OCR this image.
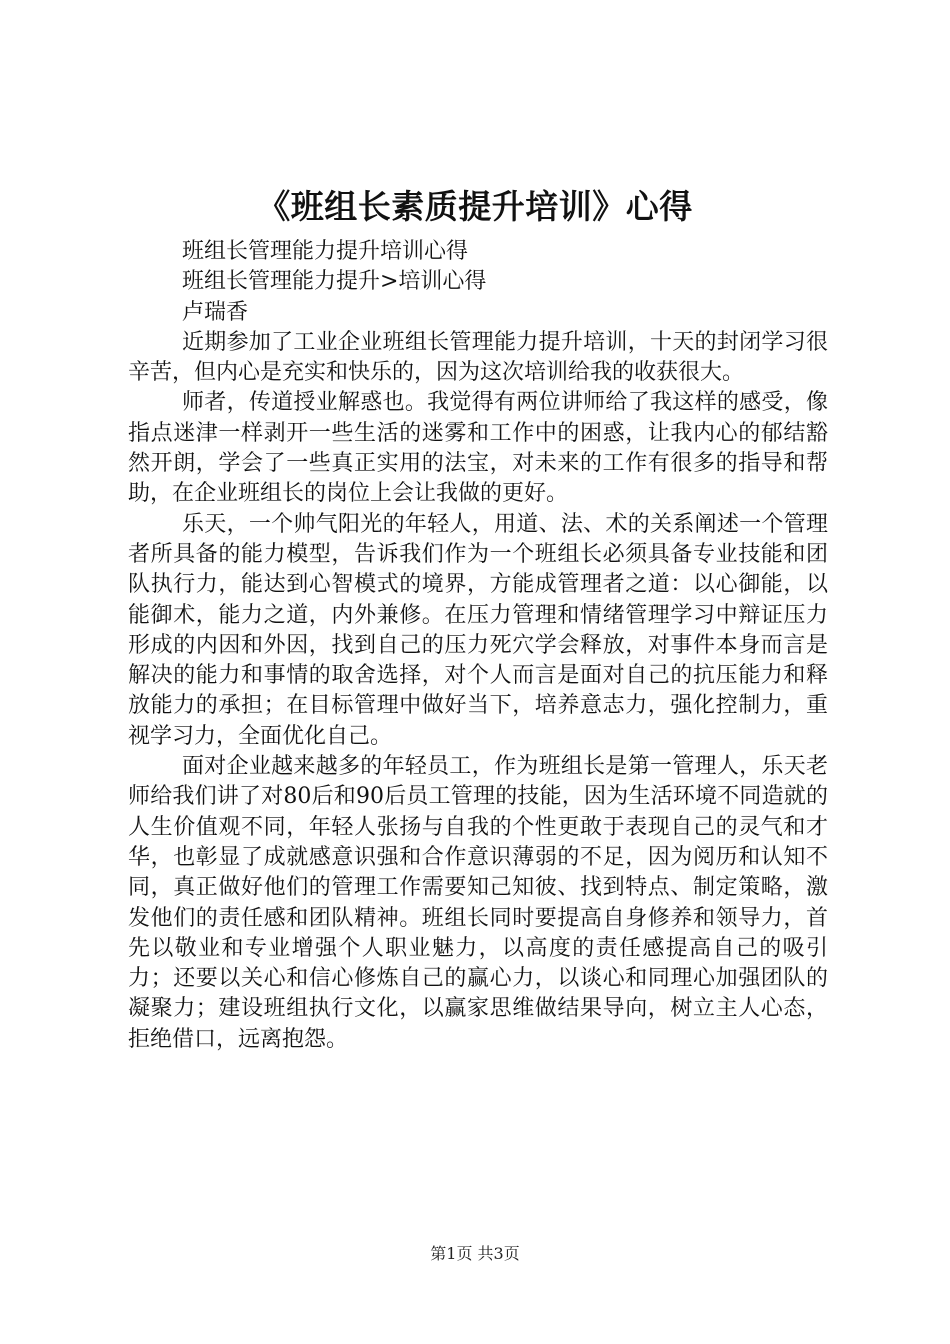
《班组长素质提升培训》心得

班组长管理能力提升培训心得

班组长管理能力提升>培训心得

卢瑞香

近期参加了工业企业班组长管理能力提升培训，十天的封闭学习很辛苦，但内心是充实和快乐的，因为这次培训给我的收获很大。

师者，传道授业解惑也。我觉得有两位讲师给了我这样的感受，像指点迷津一样剥开一些生活的迷雾和工作中的困惑，让我内心的郁结豁然开朗，学会了一些真正实用的法宝，对未来的工作有很多的指导和帮助，在企业班组长的岗位上会让我做的更好。

乐天，一个帅气阳光的年轻人，用道、法、术的关系阐述一个管理者所具备的能力模型，告诉我们作为一个班组长必须具备专业技能和团队执行力，能达到心智模式的境界，方能成管理者之道：以心御能，以能御术，能力之道，内外兼修。在压力管理和情绪管理学习中辩证压力形成的内因和外因，找到自己的压力死穴学会释放，对事件本身而言是解决的能力和事情的取舍选择，对个人而言是面对自己的抗压能力和释放能力的承担；在目标管理中做好当下，培养意志力，强化控制力，重视学习力，全面优化自己。

面对企业越来越多的年轻员工，作为班组长是第一管理人，乐天老师给我们讲了对80后和90后员工管理的技能，因为生活环境不同造就的人生价值观不同，年轻人张扬与自我的个性更敢于表现自己的灵气和才华，也彰显了成就感意识强和合作意识薄弱的不足，因为阅历和认知不同，真正做好他们的管理工作需要知己知彼、找到特点、制定策略，激发他们的责任感和团队精神。班组长同时要提高自身修养和领导力，首先以敬业和专业增强个人职业魅力，以高度的责任感提高自己的吸引力；还要以关心和信心修炼自己的赢心力，以谈心和同理心加强团队的凝聚力；建设班组执行文化，以赢家思维做结果导向，树立主人心态，拒绝借口，远离抱怨。

第1页 共3页
